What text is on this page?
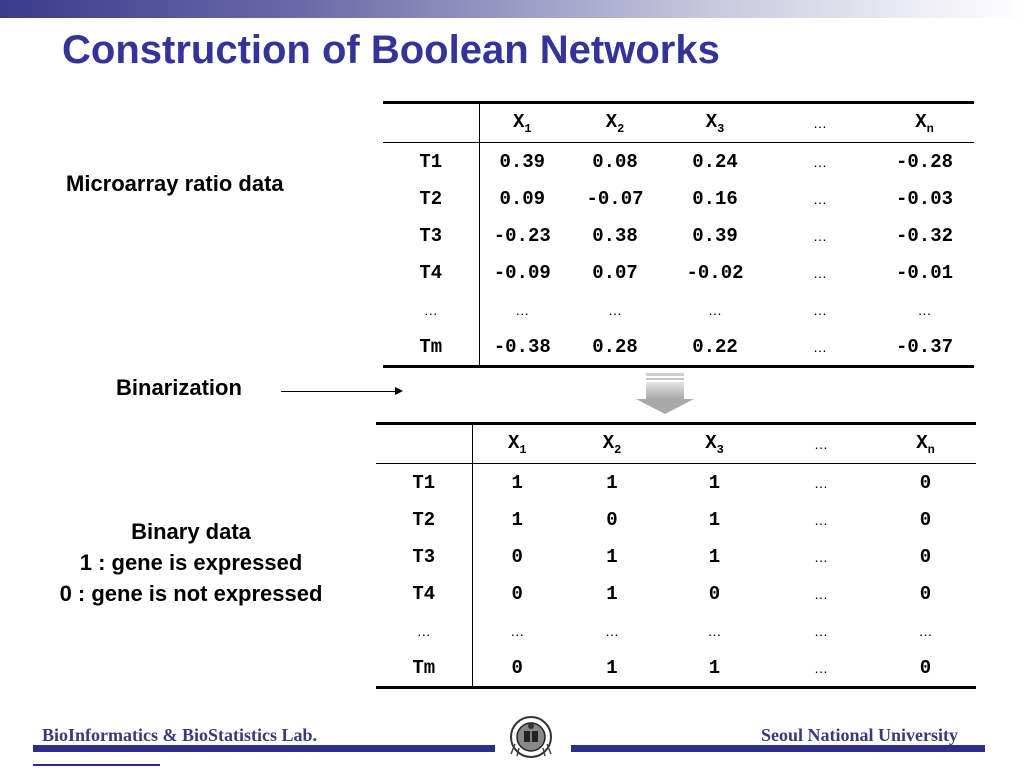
Construction of Boolean Networks
Microarray ratio data
	$X_1$	$X_2$	$X_3$	…	$X_n$
T1	0.39	0.08	0.24	…	-0.28
T2	0.09	-0.07	0.16	…	-0.03
T3	-0.23	0.38	0.39	…	-0.32
T4	-0.09	0.07	-0.02	…	-0.01
…	…	…	…	…	…
Tm	-0.38	0.28	0.22	…	-0.37
Binarization
	$X_1$	$X_2$	$X_3$	…	$X_n$
T1	1	1	1	…	0
T2	1	0	1	…	0
T3	0	1	1	…	0
T4	0	1	0	…	0
…	…	…	…	…	…
Tm	0	1	1	…	0
Binary data
1 : gene is expressed
0 : gene is not expressed
BioInformatics & BioStatistics Lab.	Seoul National University
